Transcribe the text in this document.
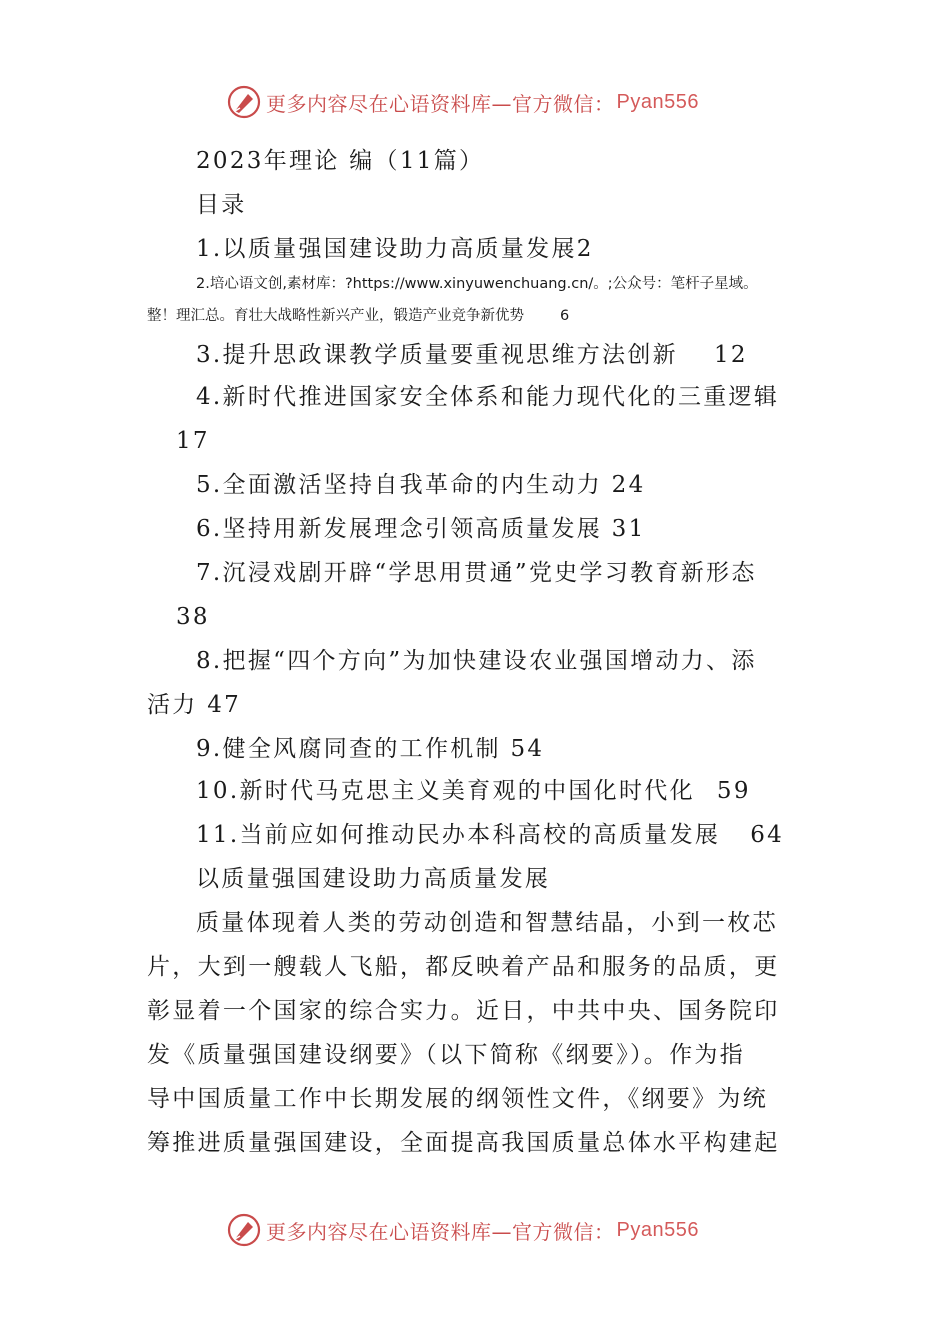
更多内容尽在心语资料库—官方微信： Pyan556
2023年理论 编（11篇）
目录
1.以质量强国建设助力高质量发展2
2.培心语文创,素材库：?https://www.xinyuwenchuang.cn/。;公众号：笔杆子星域。
整！理汇总。育壮大战略性新兴产业，锻造产业竞争新优势 6
3.提升思政课教学质量要重视思维方法创新 12
4.新时代推进国家安全体系和能力现代化的三重逻辑
17
5.全面激活坚持自我革命的内生动力 24
6.坚持用新发展理念引领高质量发展 31
7.沉浸戏剧开辟“学思用贯通”党史学习教育新形态
38
8.把握“四个方向”为加快建设农业强国增动力、添
活力 47
9.健全风腐同查的工作机制 54
10.新时代马克思主义美育观的中国化时代化 59
11.当前应如何推动民办本科高校的高质量发展 64
以质量强国建设助力高质量发展
质量体现着人类的劳动创造和智慧结晶，小到一枚芯
片，大到一艘载人飞船，都反映着产品和服务的品质，更
彰显着一个国家的综合实力。近日，中共中央、国务院印
发《质量强国建设纲要》（以下简称《纲要》）。作为指
导中国质量工作中长期发展的纲领性文件，《纲要》为统
筹推进质量强国建设，全面提高我国质量总体水平构建起
更多内容尽在心语资料库—官方微信： Pyan556
